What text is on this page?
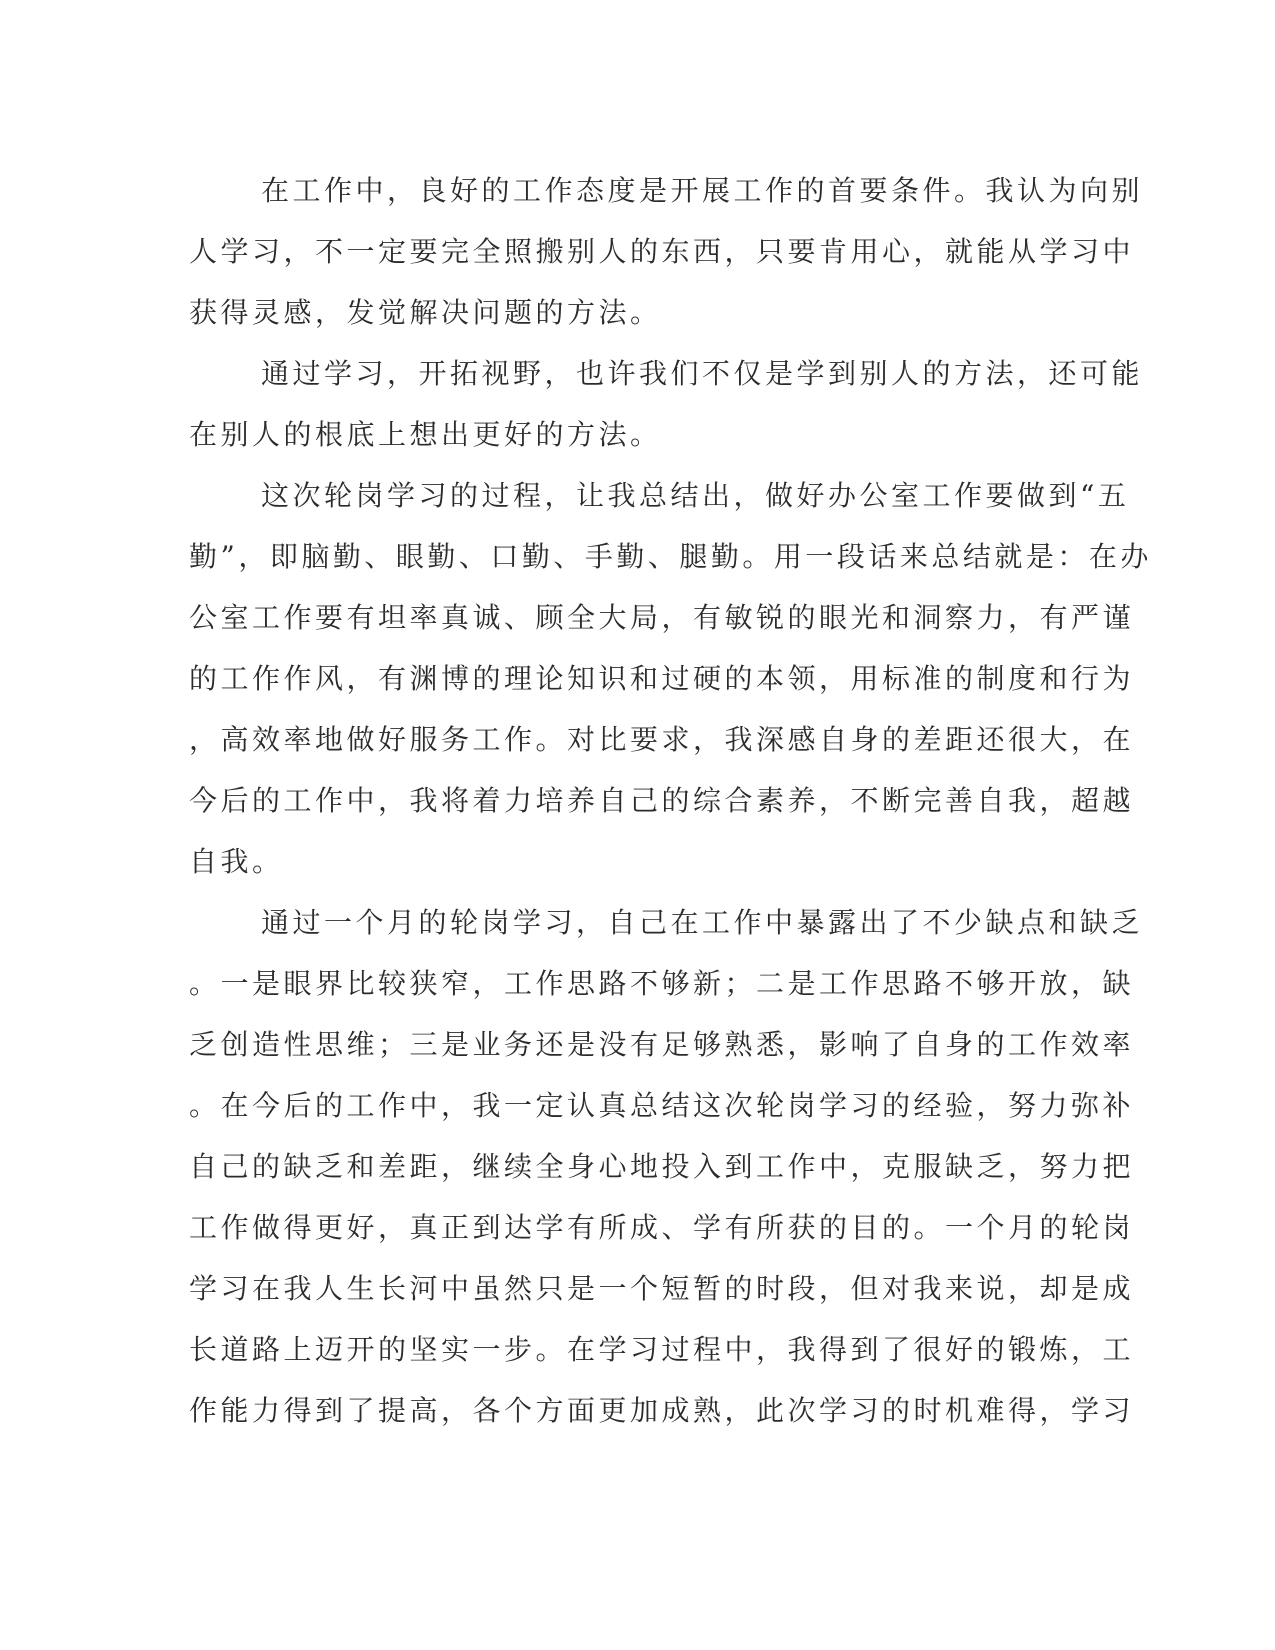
在工作中，良好的工作态度是开展工作的首要条件。我认为向别
人学习，不一定要完全照搬别人的东西，只要肯用心，就能从学习中
获得灵感，发觉解决问题的方法。

通过学习，开拓视野，也许我们不仅是学到别人的方法，还可能
在别人的根底上想出更好的方法。

这次轮岗学习的过程，让我总结出，做好办公室工作要做到“五
勤”，即脑勤、眼勤、口勤、手勤、腿勤。用一段话来总结就是：在办
公室工作要有坦率真诚、顾全大局，有敏锐的眼光和洞察力，有严谨
的工作作风，有渊博的理论知识和过硬的本领，用标准的制度和行为
，高效率地做好服务工作。对比要求，我深感自身的差距还很大，在
今后的工作中，我将着力培养自己的综合素养，不断完善自我，超越
自我。

通过一个月的轮岗学习，自己在工作中暴露出了不少缺点和缺乏
。一是眼界比较狭窄，工作思路不够新；二是工作思路不够开放，缺
乏创造性思维；三是业务还是没有足够熟悉，影响了自身的工作效率
。在今后的工作中，我一定认真总结这次轮岗学习的经验，努力弥补
自己的缺乏和差距，继续全身心地投入到工作中，克服缺乏，努力把
工作做得更好，真正到达学有所成、学有所获的目的。一个月的轮岗
学习在我人生长河中虽然只是一个短暂的时段，但对我来说，却是成
长道路上迈开的坚实一步。在学习过程中，我得到了很好的锻炼，工
作能力得到了提高，各个方面更加成熟，此次学习的时机难得，学习
